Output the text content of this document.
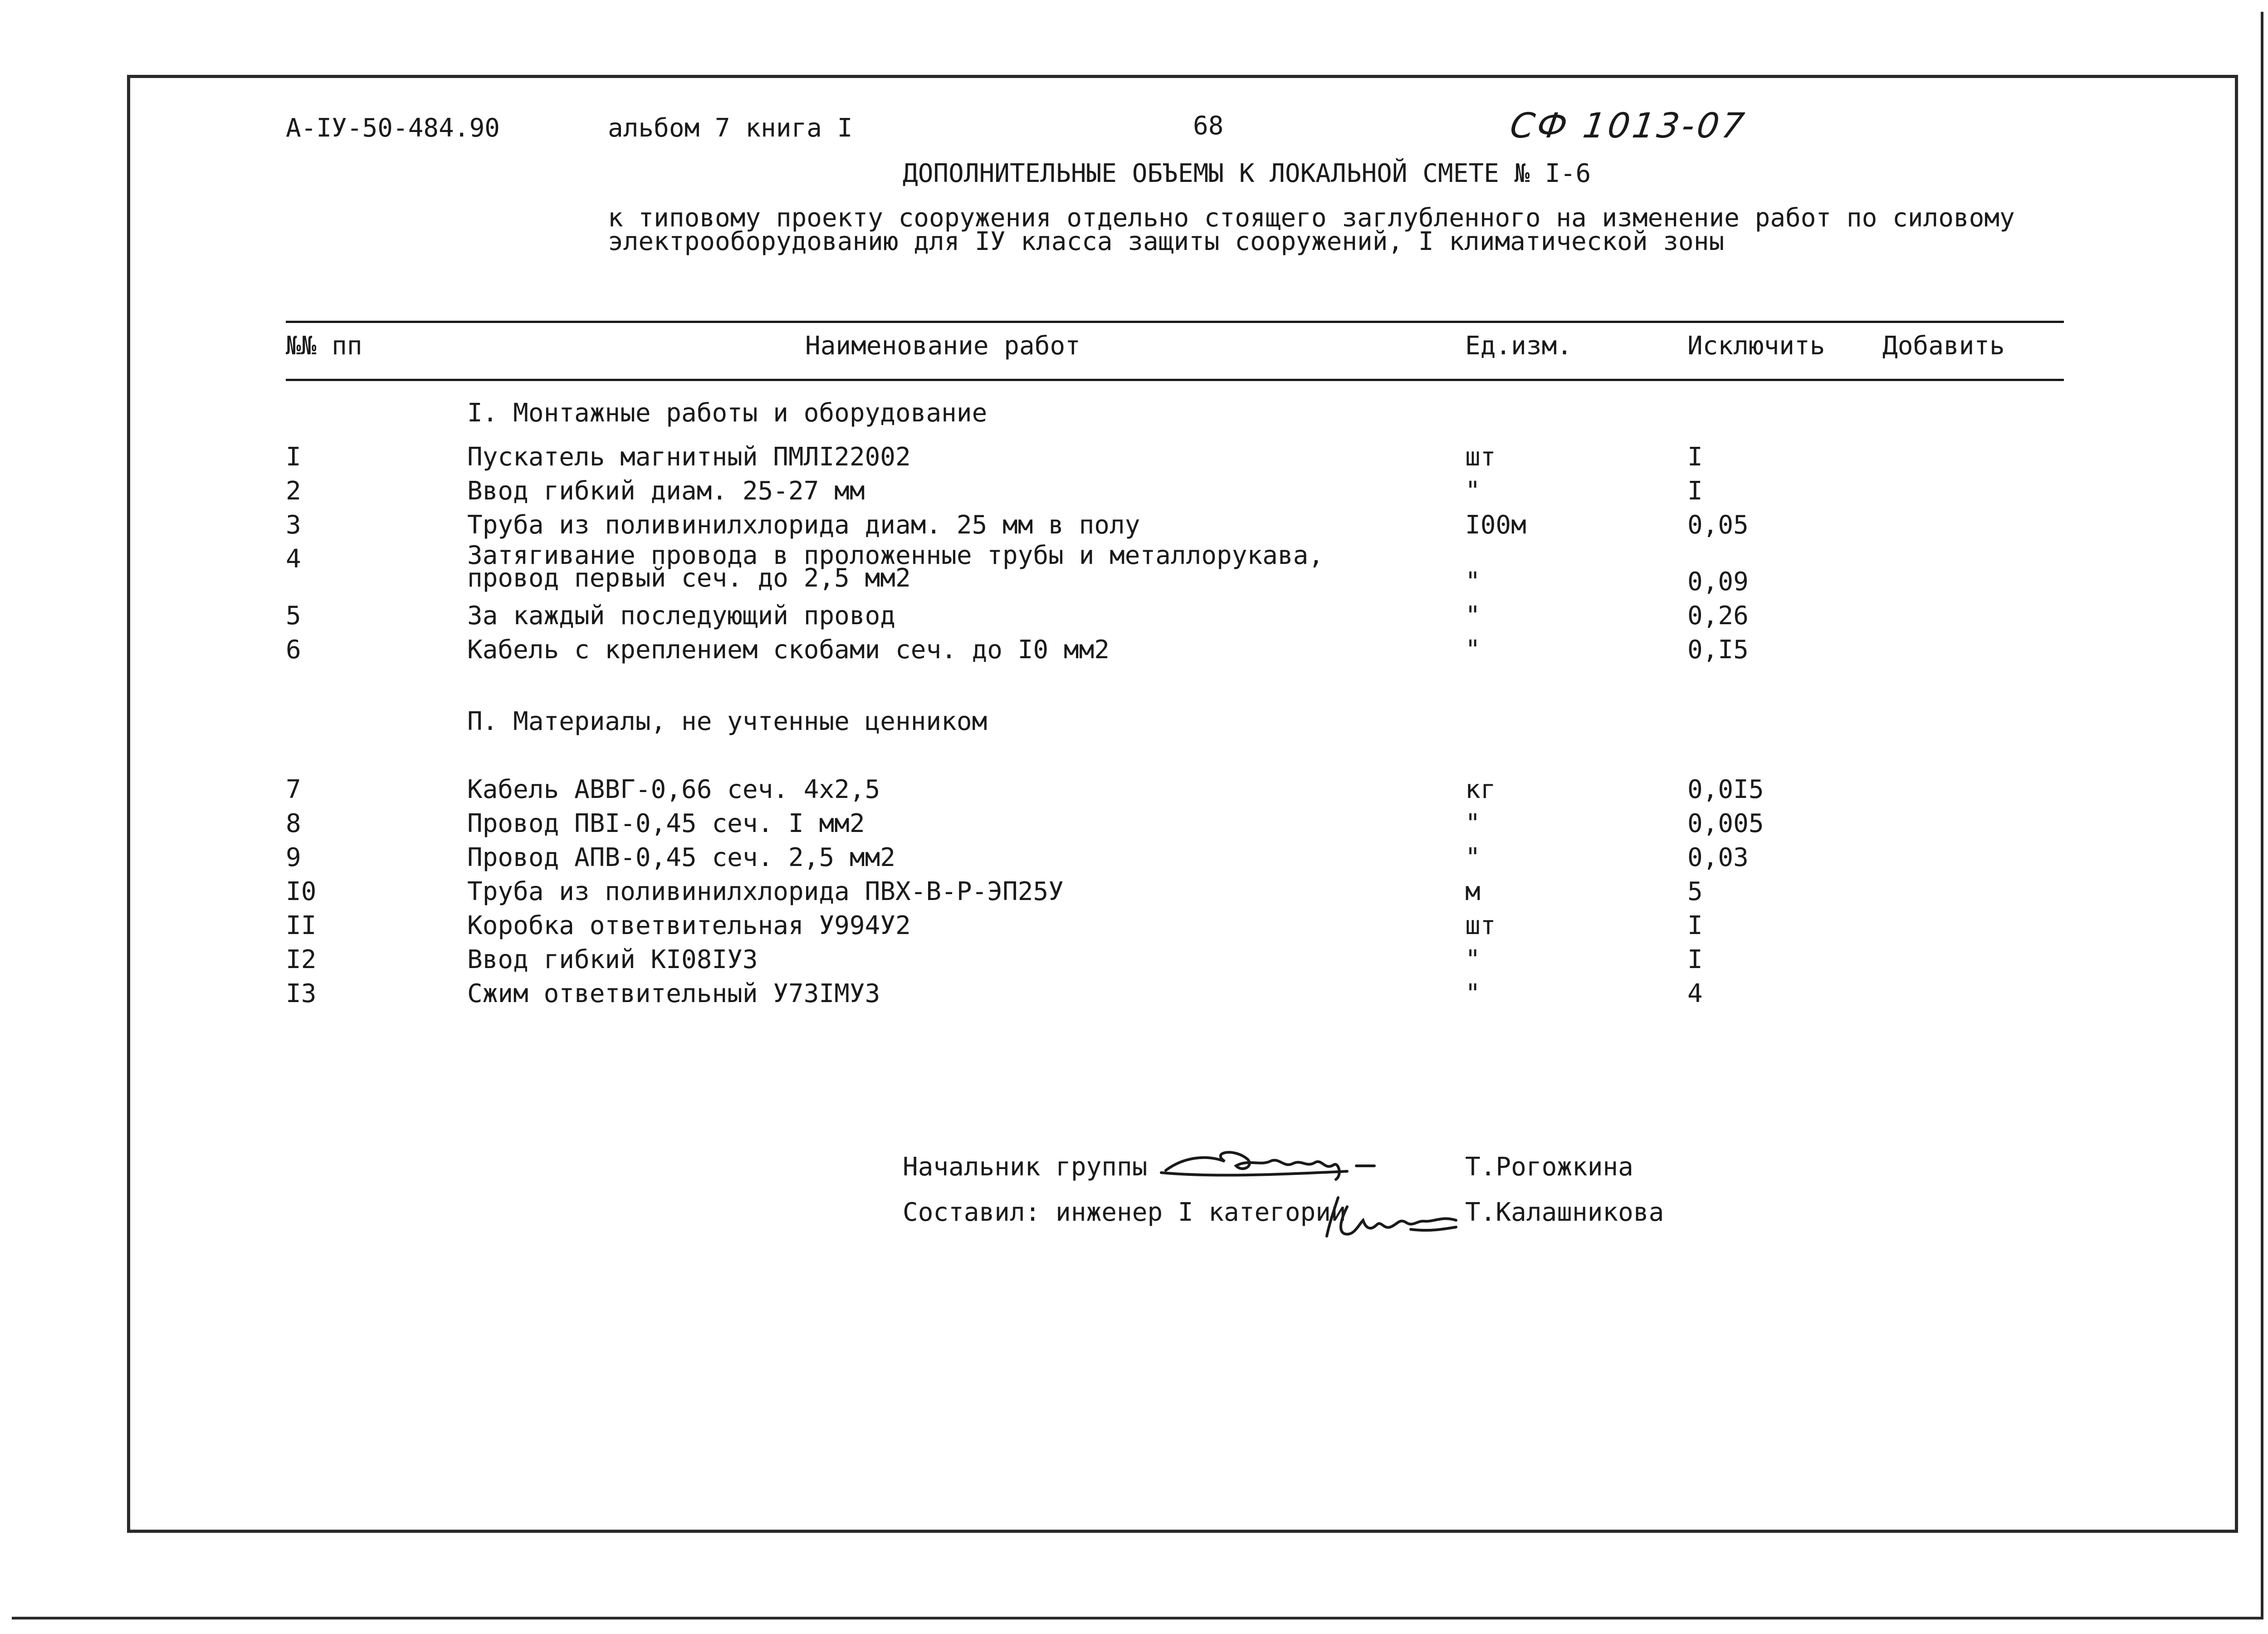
А-IУ-50-484.90	альбом 7 книга I	68	СФ 1013-07
ДОПОЛНИТЕЛЬНЫЕ ОБЪЕМЫ К ЛОКАЛЬНОЙ СМЕТЕ № I-6
к типовому проекту сооружения отдельно стоящего заглубленного на изменение работ по силовому
электрооборудованию для IУ класса защиты сооружений, I климатической зоны
№№ пп	Наименование работ	Ед.изм.	Исключить Добавить
I. Монтажные работы и оборудование
I	Пускатель магнитный ПМЛI22002	шт	I
2	Ввод гибкий диам. 25-27 мм	"	I
3	Труба из поливинилхлорида диам. 25 мм в полу	I00м	0,05
4	Затягивание провода в проложенные трубы и металлорукава,
провод первый сеч. до 2,5 мм2	"	0,09
5	За каждый последующий провод	"	0,26
6	Кабель с креплением скобами сеч. до I0 мм2	"	0,I5
П. Материалы, не учтенные ценником
7	Кабель АВВГ-0,66 сеч. 4х2,5	кг	0,0I5
8	Провод ПВI-0,45 сеч. I мм2	"	0,005
9	Провод АПВ-0,45 сеч. 2,5 мм2	"	0,03
I0	Труба из поливинилхлорида ПВХ-В-Р-ЭП25У	м	5
II	Коробка ответвительная У994У2	шт	I
I2	Ввод гибкий КI08IУ3	"	I
I3	Сжим ответвительный У73IМУ3	"	4
Начальник группы	Т.Рогожкина
Составил: инженер I категории	Т.Калашникова
